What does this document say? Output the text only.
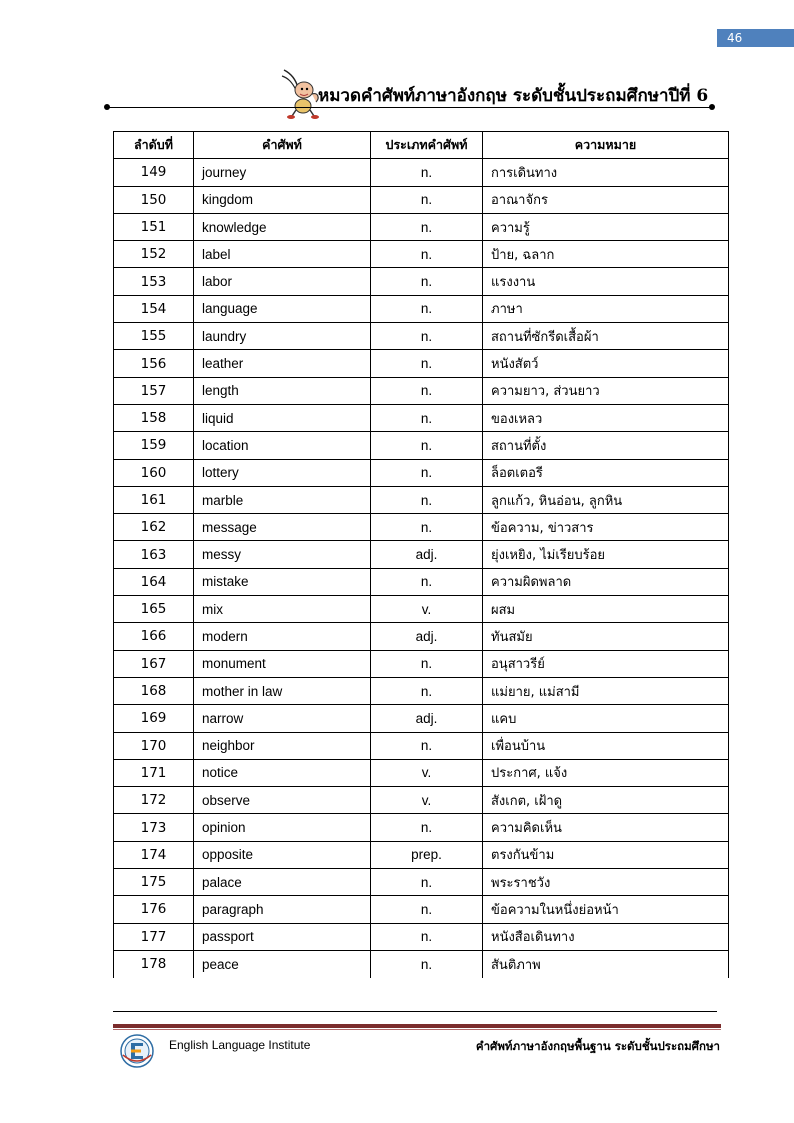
46
หมวดคำศัพท์ภาษาอังกฤษ ระดับชั้นประถมศึกษาปีที่ 6
ลำดับที่	คำศัพท์	ประเภทคำศัพท์	ความหมาย
149	journey	n.	การเดินทาง
150	kingdom	n.	อาณาจักร
151	knowledge	n.	ความรู้
152	label	n.	ป้าย, ฉลาก
153	labor	n.	แรงงาน
154	language	n.	ภาษา
155	laundry	n.	สถานที่ซักรีดเสื้อผ้า
156	leather	n.	หนังสัตว์
157	length	n.	ความยาว, ส่วนยาว
158	liquid	n.	ของเหลว
159	location	n.	สถานที่ตั้ง
160	lottery	n.	ล็อตเตอรี
161	marble	n.	ลูกแก้ว, หินอ่อน, ลูกหิน
162	message	n.	ข้อความ, ข่าวสาร
163	messy	adj.	ยุ่งเหยิง, ไม่เรียบร้อย
164	mistake	n.	ความผิดพลาด
165	mix	v.	ผสม
166	modern	adj.	ทันสมัย
167	monument	n.	อนุสาวรีย์
168	mother in law	n.	แม่ยาย, แม่สามี
169	narrow	adj.	แคบ
170	neighbor	n.	เพื่อนบ้าน
171	notice	v.	ประกาศ, แจ้ง
172	observe	v.	สังเกต, เฝ้าดู
173	opinion	n.	ความคิดเห็น
174	opposite	prep.	ตรงกันข้าม
175	palace	n.	พระราชวัง
176	paragraph	n.	ข้อความในหนึ่งย่อหน้า
177	passport	n.	หนังสือเดินทาง
178	peace	n.	สันติภาพ
English Language Institute	คำศัพท์ภาษาอังกฤษพื้นฐาน ระดับชั้นประถมศึกษา
